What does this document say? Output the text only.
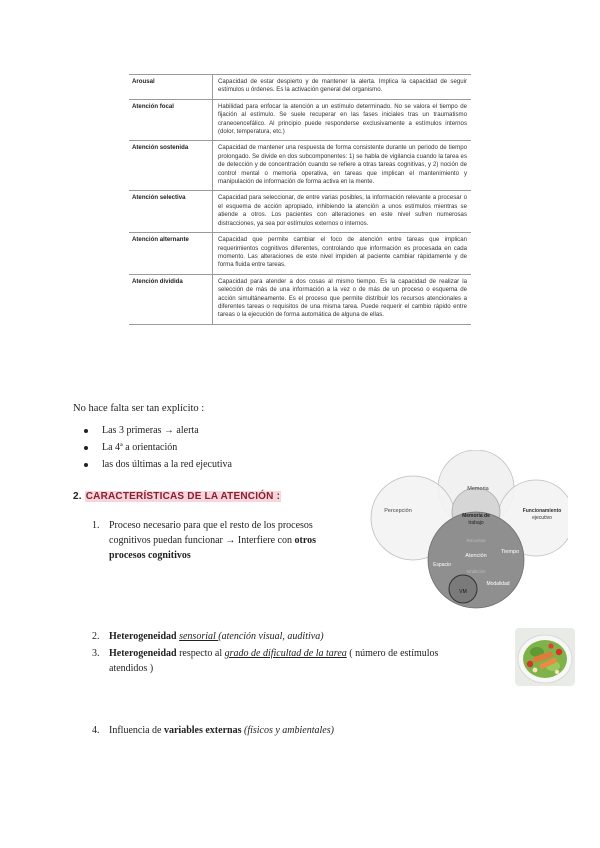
Arousal	Capacidad de estar despierto y de mantener la alerta. Implica la capacidad de seguir estímulos u órdenes. Es la activación general del organismo.
Atención focal	Habilidad para enfocar la atención a un estímulo determinado. No se valora el tiempo de fijación al estímulo. Se suele recuperar en las fases iniciales tras un traumatismo craneoencefálico. Al principio puede responderse exclusivamente a estímulos internos (dolor, temperatura, etc.)
Atención sostenida	Capacidad de mantener una respuesta de forma consistente durante un periodo de tiempo prolongado. Se divide en dos subcomponentes: 1) se habla de vigilancia cuando la tarea es de detección y de concentración cuando se refiere a otras tareas cognitivas, y 2) noción de control mental o memoria operativa, en tareas que implican el mantenimiento y manipulación de información de forma activa en la mente.
Atención selectiva	Capacidad para seleccionar, de entre varias posibles, la información relevante a procesar o el esquema de acción apropiado, inhibiendo la atención a unos estímulos mientras se atiende a otros. Los pacientes con alteraciones en este nivel sufren numerosas distracciones, ya sea por estímulos externos o internos.
Atención alternante	Capacidad que permite cambiar el foco de atención entre tareas que implican requerimientos cognitivos diferentes, controlando que información es procesada en cada momento. Las alteraciones de este nivel impiden al paciente cambiar rápidamente y de forma fluida entre tareas.
Atención dividida	Capacidad para atender a dos cosas al mismo tiempo. Es la capacidad de realizar la selección de más de una información a la vez o de más de un proceso o esquema de acción simultáneamente. Es el proceso que permite distribuir los recursos atencionales a diferentes tareas o requisitos de una misma tarea. Puede requerir el cambio rápido entre tareas o la ejecución de forma automática de alguna de ellas.
No hace falta ser tan explícito :
Las 3 primeras → alerta
La 4ª a orientación
las dos últimas a la red ejecutiva
2. CARACTERÍSTICAS DE LA ATENCIÓN :
1. Proceso necesario para que el resto de los procesos
cognitivos puedan funcionar → Interfiere con otros
procesos cognitivos
2. Heterogeneidad sensorial (atención visual, auditiva)
3. Heterogeneidad respecto al grado de dificultad de la tarea ( número de estímulos
atendidos )
4. Influencia de variables externas (físicos y ambientales)
Memoria
Percepción	Funcionamiento
ejecutivo
Memoria de
trabajo
Recursos
Atención
Inhibición
Tiempo
Espacio
Modalidad
VM
